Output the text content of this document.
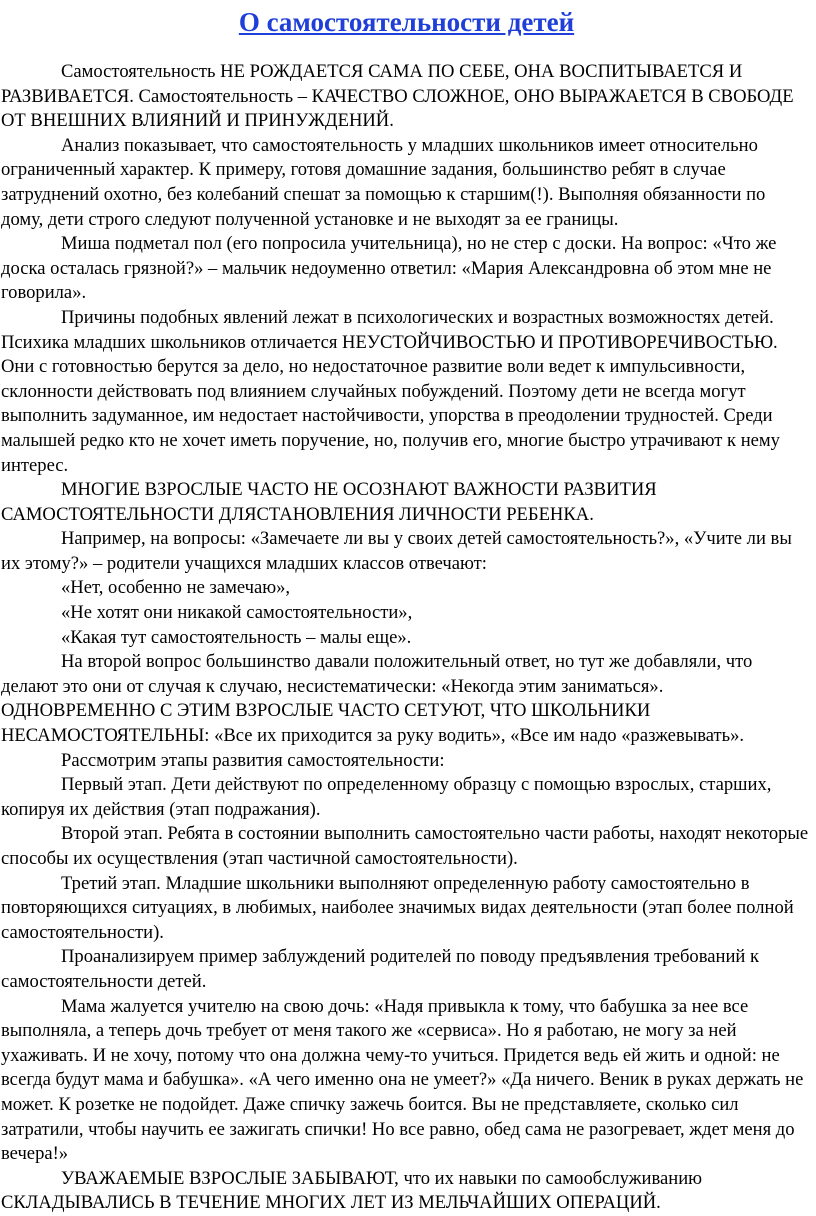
О самостоятельности детей

Самостоятельность НЕ РОЖДАЕТСЯ САМА ПО СЕБЕ, ОНА ВОСПИТЫВАЕТСЯ И РАЗВИВАЕТСЯ. Самостоятельность – КАЧЕСТВО СЛОЖНОЕ, ОНО ВЫРАЖАЕТСЯ В СВОБОДЕ ОТ ВНЕШНИХ ВЛИЯНИЙ И ПРИНУЖДЕНИЙ.

Анализ показывает, что самостоятельность у младших школьников имеет относительно ограниченный характер. К примеру, готовя домашние задания, большинство ребят в случае затруднений охотно, без колебаний спешат за помощью к старшим(!). Выполняя обязанности по дому, дети строго следуют полученной установке и не выходят за ее границы.

Миша подметал пол (его попросила учительница), но не стер с доски. На вопрос: «Что же доска осталась грязной?» – мальчик недоуменно ответил: «Мария Александровна об этом мне не говорила».

Причины подобных явлений лежат в психологических и возрастных возможностях детей. Психика младших школьников отличается НЕУСТОЙЧИВОСТЬЮ И ПРОТИВОРЕЧИВОСТЬЮ. Они с готовностью берутся за дело, но недостаточное развитие воли ведет к импульсивности, склонности действовать под влиянием случайных побуждений. Поэтому дети не всегда могут выполнить задуманное, им недостает настойчивости, упорства в преодолении трудностей. Среди малышей редко кто не хочет иметь поручение, но, получив его, многие быстро утрачивают к нему интерес.

МНОГИЕ ВЗРОСЛЫЕ ЧАСТО НЕ ОСОЗНАЮТ ВАЖНОСТИ РАЗВИТИЯ САМОСТОЯТЕЛЬНОСТИ ДЛЯСТАНОВЛЕНИЯ ЛИЧНОСТИ РЕБЕНКА.

Например, на вопросы: «Замечаете ли вы у своих детей самостоятельность?», «Учите ли вы их этому?» – родители учащихся младших классов отвечают:

«Нет, особенно не замечаю»,

«Не хотят они никакой самостоятельности»,

«Какая тут самостоятельность – малы еще».

На второй вопрос большинство давали положительный ответ, но тут же добавляли, что делают это они от случая к случаю, несистематически: «Некогда этим заниматься». ОДНОВРЕМЕННО С ЭТИМ ВЗРОСЛЫЕ ЧАСТО СЕТУЮТ, ЧТО ШКОЛЬНИКИ НЕСАМОСТОЯТЕЛЬНЫ: «Все их приходится за руку водить», «Все им надо «разжевывать».

Рассмотрим этапы развития самостоятельности:

Первый этап. Дети действуют по определенному образцу с помощью взрослых, старших, копируя их действия (этап подражания).

Второй этап. Ребята в состоянии выполнить самостоятельно части работы, находят некоторые способы их осуществления (этап частичной самостоятельности).

Третий этап. Младшие школьники выполняют определенную работу самостоятельно в повторяющихся ситуациях, в любимых, наиболее значимых видах деятельности (этап более полной самостоятельности).

Проанализируем пример заблуждений родителей по поводу предъявления требований к самостоятельности детей.

Мама жалуется учителю на свою дочь: «Надя привыкла к тому, что бабушка за нее все выполняла, а теперь дочь требует от меня такого же «сервиса». Но я работаю, не могу за ней ухаживать. И не хочу, потому что она должна чему-то учиться. Придется ведь ей жить и одной: не всегда будут мама и бабушка». «А чего именно она не умеет?» «Да ничего. Веник в руках держать не может. К розетке не подойдет. Даже спичку зажечь боится. Вы не представляете, сколько сил затратили, чтобы научить ее зажигать спички! Но все равно, обед сама не разогревает, ждет меня до вечера!»

УВАЖАЕМЫЕ ВЗРОСЛЫЕ ЗАБЫВАЮТ, что их навыки по самообслуживанию СКЛАДЫВАЛИСЬ В ТЕЧЕНИЕ МНОГИХ ЛЕТ ИЗ МЕЛЬЧАЙШИХ ОПЕРАЦИЙ.
